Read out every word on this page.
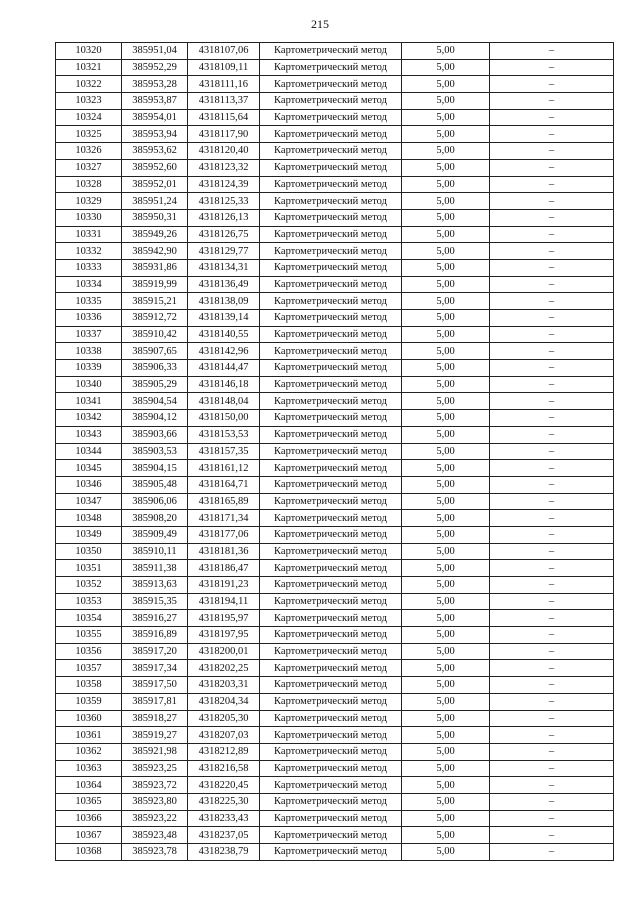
215
10320	385951,04	4318107,06	Картометрический метод	5,00	–
10321	385952,29	4318109,11	Картометрический метод	5,00	–
10322	385953,28	4318111,16	Картометрический метод	5,00	–
10323	385953,87	4318113,37	Картометрический метод	5,00	–
10324	385954,01	4318115,64	Картометрический метод	5,00	–
10325	385953,94	4318117,90	Картометрический метод	5,00	–
10326	385953,62	4318120,40	Картометрический метод	5,00	–
10327	385952,60	4318123,32	Картометрический метод	5,00	–
10328	385952,01	4318124,39	Картометрический метод	5,00	–
10329	385951,24	4318125,33	Картометрический метод	5,00	–
10330	385950,31	4318126,13	Картометрический метод	5,00	–
10331	385949,26	4318126,75	Картометрический метод	5,00	–
10332	385942,90	4318129,77	Картометрический метод	5,00	–
10333	385931,86	4318134,31	Картометрический метод	5,00	–
10334	385919,99	4318136,49	Картометрический метод	5,00	–
10335	385915,21	4318138,09	Картометрический метод	5,00	–
10336	385912,72	4318139,14	Картометрический метод	5,00	–
10337	385910,42	4318140,55	Картометрический метод	5,00	–
10338	385907,65	4318142,96	Картометрический метод	5,00	–
10339	385906,33	4318144,47	Картометрический метод	5,00	–
10340	385905,29	4318146,18	Картометрический метод	5,00	–
10341	385904,54	4318148,04	Картометрический метод	5,00	–
10342	385904,12	4318150,00	Картометрический метод	5,00	–
10343	385903,66	4318153,53	Картометрический метод	5,00	–
10344	385903,53	4318157,35	Картометрический метод	5,00	–
10345	385904,15	4318161,12	Картометрический метод	5,00	–
10346	385905,48	4318164,71	Картометрический метод	5,00	–
10347	385906,06	4318165,89	Картометрический метод	5,00	–
10348	385908,20	4318171,34	Картометрический метод	5,00	–
10349	385909,49	4318177,06	Картометрический метод	5,00	–
10350	385910,11	4318181,36	Картометрический метод	5,00	–
10351	385911,38	4318186,47	Картометрический метод	5,00	–
10352	385913,63	4318191,23	Картометрический метод	5,00	–
10353	385915,35	4318194,11	Картометрический метод	5,00	–
10354	385916,27	4318195,97	Картометрический метод	5,00	–
10355	385916,89	4318197,95	Картометрический метод	5,00	–
10356	385917,20	4318200,01	Картометрический метод	5,00	–
10357	385917,34	4318202,25	Картометрический метод	5,00	–
10358	385917,50	4318203,31	Картометрический метод	5,00	–
10359	385917,81	4318204,34	Картометрический метод	5,00	–
10360	385918,27	4318205,30	Картометрический метод	5,00	–
10361	385919,27	4318207,03	Картометрический метод	5,00	–
10362	385921,98	4318212,89	Картометрический метод	5,00	–
10363	385923,25	4318216,58	Картометрический метод	5,00	–
10364	385923,72	4318220,45	Картометрический метод	5,00	–
10365	385923,80	4318225,30	Картометрический метод	5,00	–
10366	385923,22	4318233,43	Картометрический метод	5,00	–
10367	385923,48	4318237,05	Картометрический метод	5,00	–
10368	385923,78	4318238,79	Картометрический метод	5,00	–
